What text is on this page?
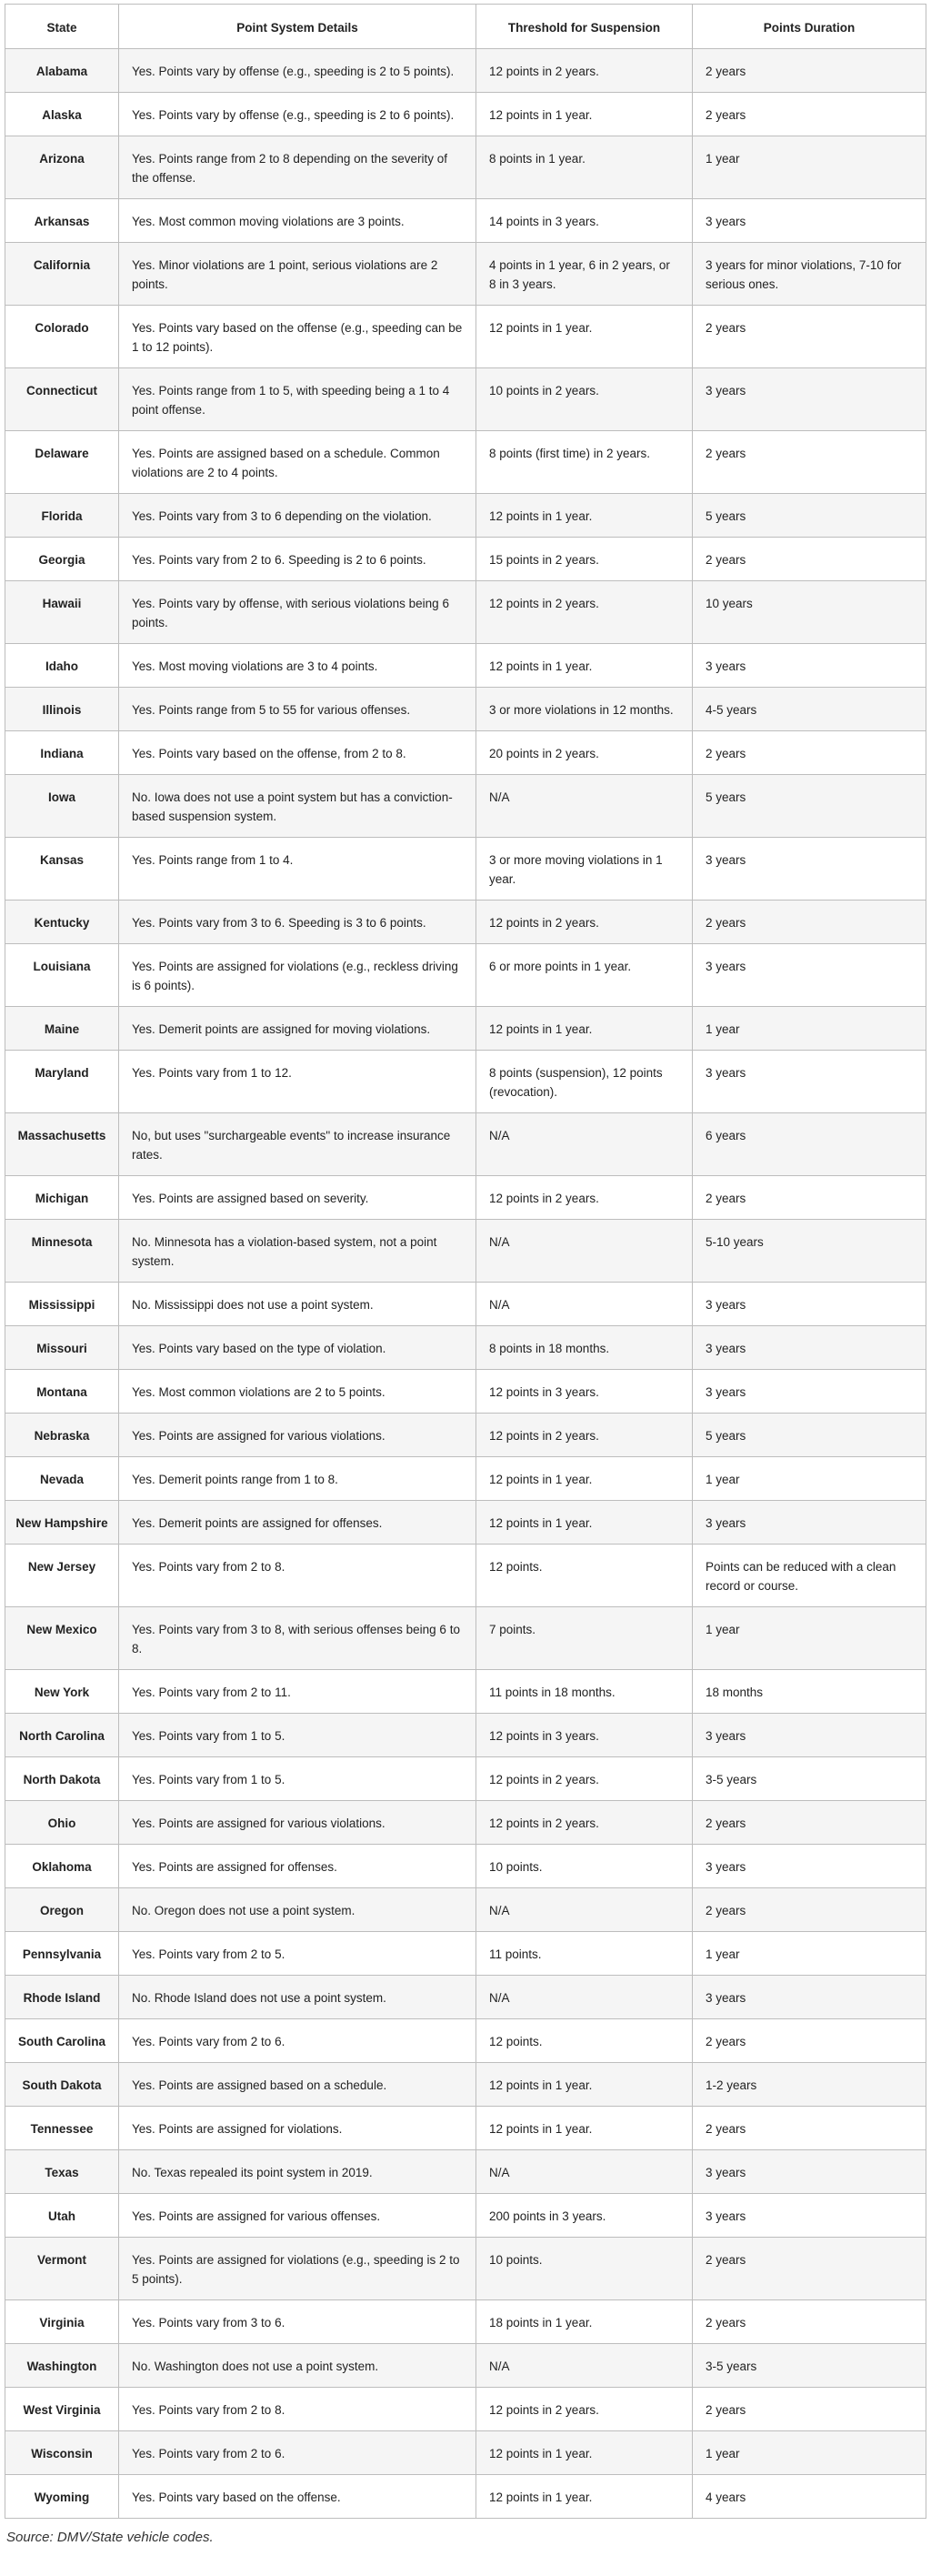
State	Point System Details	Threshold for Suspension	Points Duration
Alabama	Yes. Points vary by offense (e.g., speeding is 2 to 5 points).	12 points in 2 years.	2 years
Alaska	Yes. Points vary by offense (e.g., speeding is 2 to 6 points).	12 points in 1 year.	2 years
Arizona	Yes. Points range from 2 to 8 depending on the severity of the offense.	8 points in 1 year.	1 year
Arkansas	Yes. Most common moving violations are 3 points.	14 points in 3 years.	3 years
California	Yes. Minor violations are 1 point, serious violations are 2 points.	4 points in 1 year, 6 in 2 years, or 8 in 3 years.	3 years for minor violations, 7-10 for serious ones.
Colorado	Yes. Points vary based on the offense (e.g., speeding can be 1 to 12 points).	12 points in 1 year.	2 years
Connecticut	Yes. Points range from 1 to 5, with speeding being a 1 to 4 point offense.	10 points in 2 years.	3 years
Delaware	Yes. Points are assigned based on a schedule. Common violations are 2 to 4 points.	8 points (first time) in 2 years.	2 years
Florida	Yes. Points vary from 3 to 6 depending on the violation.	12 points in 1 year.	5 years
Georgia	Yes. Points vary from 2 to 6. Speeding is 2 to 6 points.	15 points in 2 years.	2 years
Hawaii	Yes. Points vary by offense, with serious violations being 6 points.	12 points in 2 years.	10 years
Idaho	Yes. Most moving violations are 3 to 4 points.	12 points in 1 year.	3 years
Illinois	Yes. Points range from 5 to 55 for various offenses.	3 or more violations in 12 months.	4-5 years
Indiana	Yes. Points vary based on the offense, from 2 to 8.	20 points in 2 years.	2 years
Iowa	No. Iowa does not use a point system but has a conviction-based suspension system.	N/A	5 years
Kansas	Yes. Points range from 1 to 4.	3 or more moving violations in 1 year.	3 years
Kentucky	Yes. Points vary from 3 to 6. Speeding is 3 to 6 points.	12 points in 2 years.	2 years
Louisiana	Yes. Points are assigned for violations (e.g., reckless driving is 6 points).	6 or more points in 1 year.	3 years
Maine	Yes. Demerit points are assigned for moving violations.	12 points in 1 year.	1 year
Maryland	Yes. Points vary from 1 to 12.	8 points (suspension), 12 points (revocation).	3 years
Massachusetts	No, but uses "surchargeable events" to increase insurance rates.	N/A	6 years
Michigan	Yes. Points are assigned based on severity.	12 points in 2 years.	2 years
Minnesota	No. Minnesota has a violation-based system, not a point system.	N/A	5-10 years
Mississippi	No. Mississippi does not use a point system.	N/A	3 years
Missouri	Yes. Points vary based on the type of violation.	8 points in 18 months.	3 years
Montana	Yes. Most common violations are 2 to 5 points.	12 points in 3 years.	3 years
Nebraska	Yes. Points are assigned for various violations.	12 points in 2 years.	5 years
Nevada	Yes. Demerit points range from 1 to 8.	12 points in 1 year.	1 year
New Hampshire	Yes. Demerit points are assigned for offenses.	12 points in 1 year.	3 years
New Jersey	Yes. Points vary from 2 to 8.	12 points.	Points can be reduced with a clean record or course.
New Mexico	Yes. Points vary from 3 to 8, with serious offenses being 6 to 8.	7 points.	1 year
New York	Yes. Points vary from 2 to 11.	11 points in 18 months.	18 months
North Carolina	Yes. Points vary from 1 to 5.	12 points in 3 years.	3 years
North Dakota	Yes. Points vary from 1 to 5.	12 points in 2 years.	3-5 years
Ohio	Yes. Points are assigned for various violations.	12 points in 2 years.	2 years
Oklahoma	Yes. Points are assigned for offenses.	10 points.	3 years
Oregon	No. Oregon does not use a point system.	N/A	2 years
Pennsylvania	Yes. Points vary from 2 to 5.	11 points.	1 year
Rhode Island	No. Rhode Island does not use a point system.	N/A	3 years
South Carolina	Yes. Points vary from 2 to 6.	12 points.	2 years
South Dakota	Yes. Points are assigned based on a schedule.	12 points in 1 year.	1-2 years
Tennessee	Yes. Points are assigned for violations.	12 points in 1 year.	2 years
Texas	No. Texas repealed its point system in 2019.	N/A	3 years
Utah	Yes. Points are assigned for various offenses.	200 points in 3 years.	3 years
Vermont	Yes. Points are assigned for violations (e.g., speeding is 2 to 5 points).	10 points.	2 years
Virginia	Yes. Points vary from 3 to 6.	18 points in 1 year.	2 years
Washington	No. Washington does not use a point system.	N/A	3-5 years
West Virginia	Yes. Points vary from 2 to 8.	12 points in 2 years.	2 years
Wisconsin	Yes. Points vary from 2 to 6.	12 points in 1 year.	1 year
Wyoming	Yes. Points vary based on the offense.	12 points in 1 year.	4 years
Source: DMV/State vehicle codes.
